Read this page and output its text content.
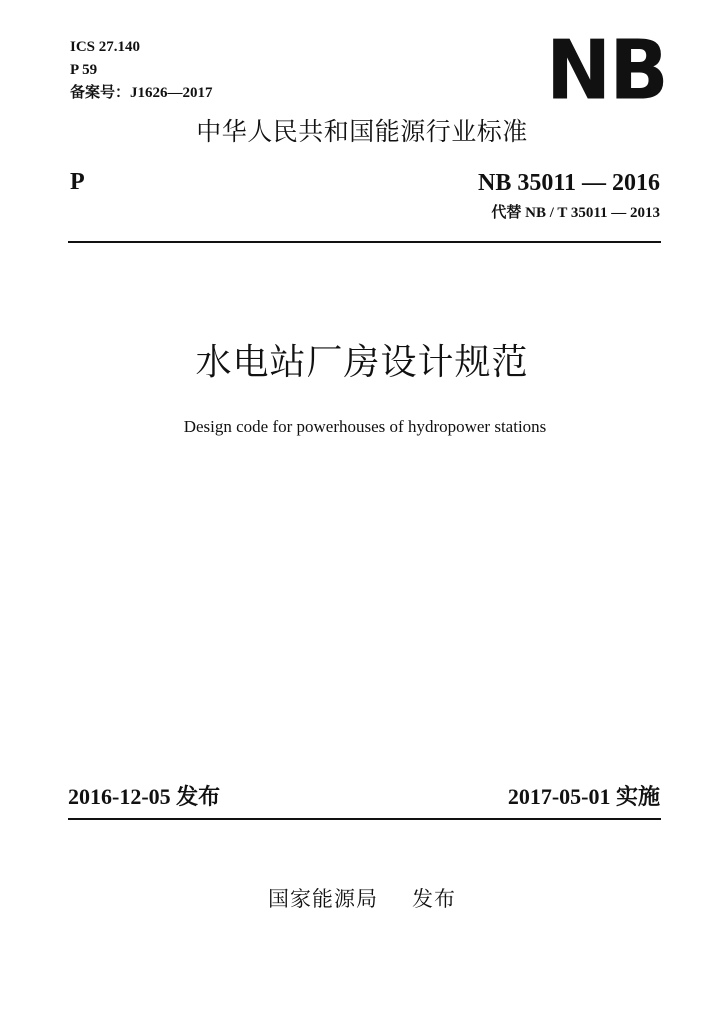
ICS 27.140
P 59
备案号：J1626—2017	NB
中华人民共和国能源行业标准
P	NB 35011 — 2016
代替 NB / T 35011 — 2013
水电站厂房设计规范
Design code for powerhouses of hydropower stations
2016-12-05 发布	2017-05-01 实施
国家能源局 发布
